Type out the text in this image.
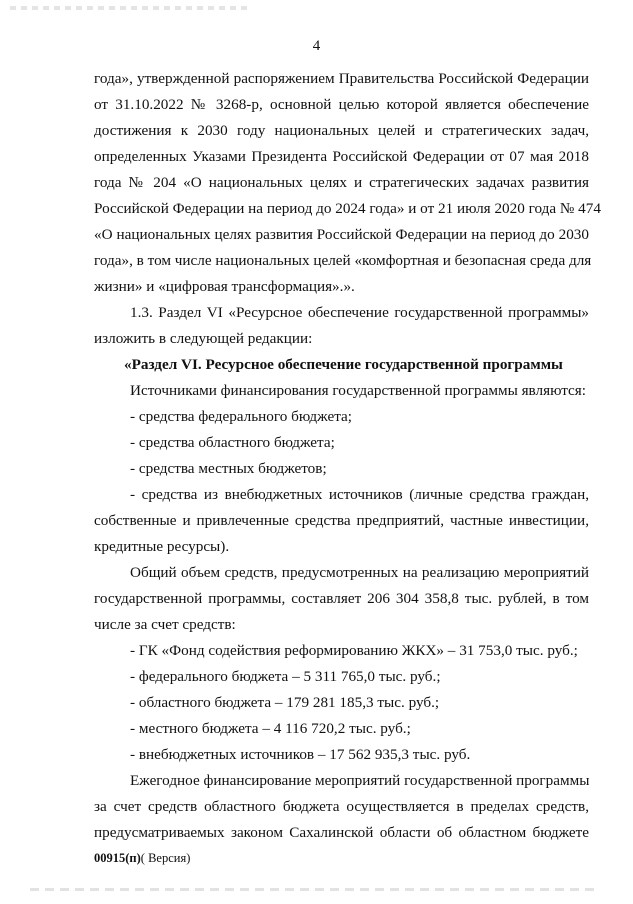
4
года», утвержденной распоряжением Правительства Российской Федерации
от 31.10.2022 № 3268-р, основной целью которой является обеспечение
достижения к 2030 году национальных целей и стратегических задач,
определенных Указами Президента Российской Федерации от 07 мая 2018
года № 204 «О национальных целях и стратегических задачах развития
Российской Федерации на период до 2024 года» и от 21 июля 2020 года № 474
«О национальных целях развития Российской Федерации на период до 2030
года», в том числе национальных целей «комфортная и безопасная среда для
жизни» и «цифровая трансформация».».
1.3. Раздел VI «Ресурсное обеспечение государственной программы»
изложить в следующей редакции:
«Раздел VI. Ресурсное обеспечение государственной программы
Источниками финансирования государственной программы являются:
- средства федерального бюджета;
- средства областного бюджета;
- средства местных бюджетов;
- средства из внебюджетных источников (личные средства граждан,
собственные и привлеченные средства предприятий, частные инвестиции,
кредитные ресурсы).
Общий объем средств, предусмотренных на реализацию мероприятий
государственной программы, составляет 206 304 358,8 тыс. рублей, в том
числе за счет средств:
- ГК «Фонд содействия реформированию ЖКХ» – 31 753,0 тыс. руб.;
- федерального бюджета – 5 311 765,0 тыс. руб.;
- областного бюджета – 179 281 185,3 тыс. руб.;
- местного бюджета – 4 116 720,2 тыс. руб.;
- внебюджетных источников – 17 562 935,3 тыс. руб.
Ежегодное финансирование мероприятий государственной программы
за счет средств областного бюджета осуществляется в пределах средств,
предусматриваемых законом Сахалинской области об областном бюджете
00915(п)( Версия)
